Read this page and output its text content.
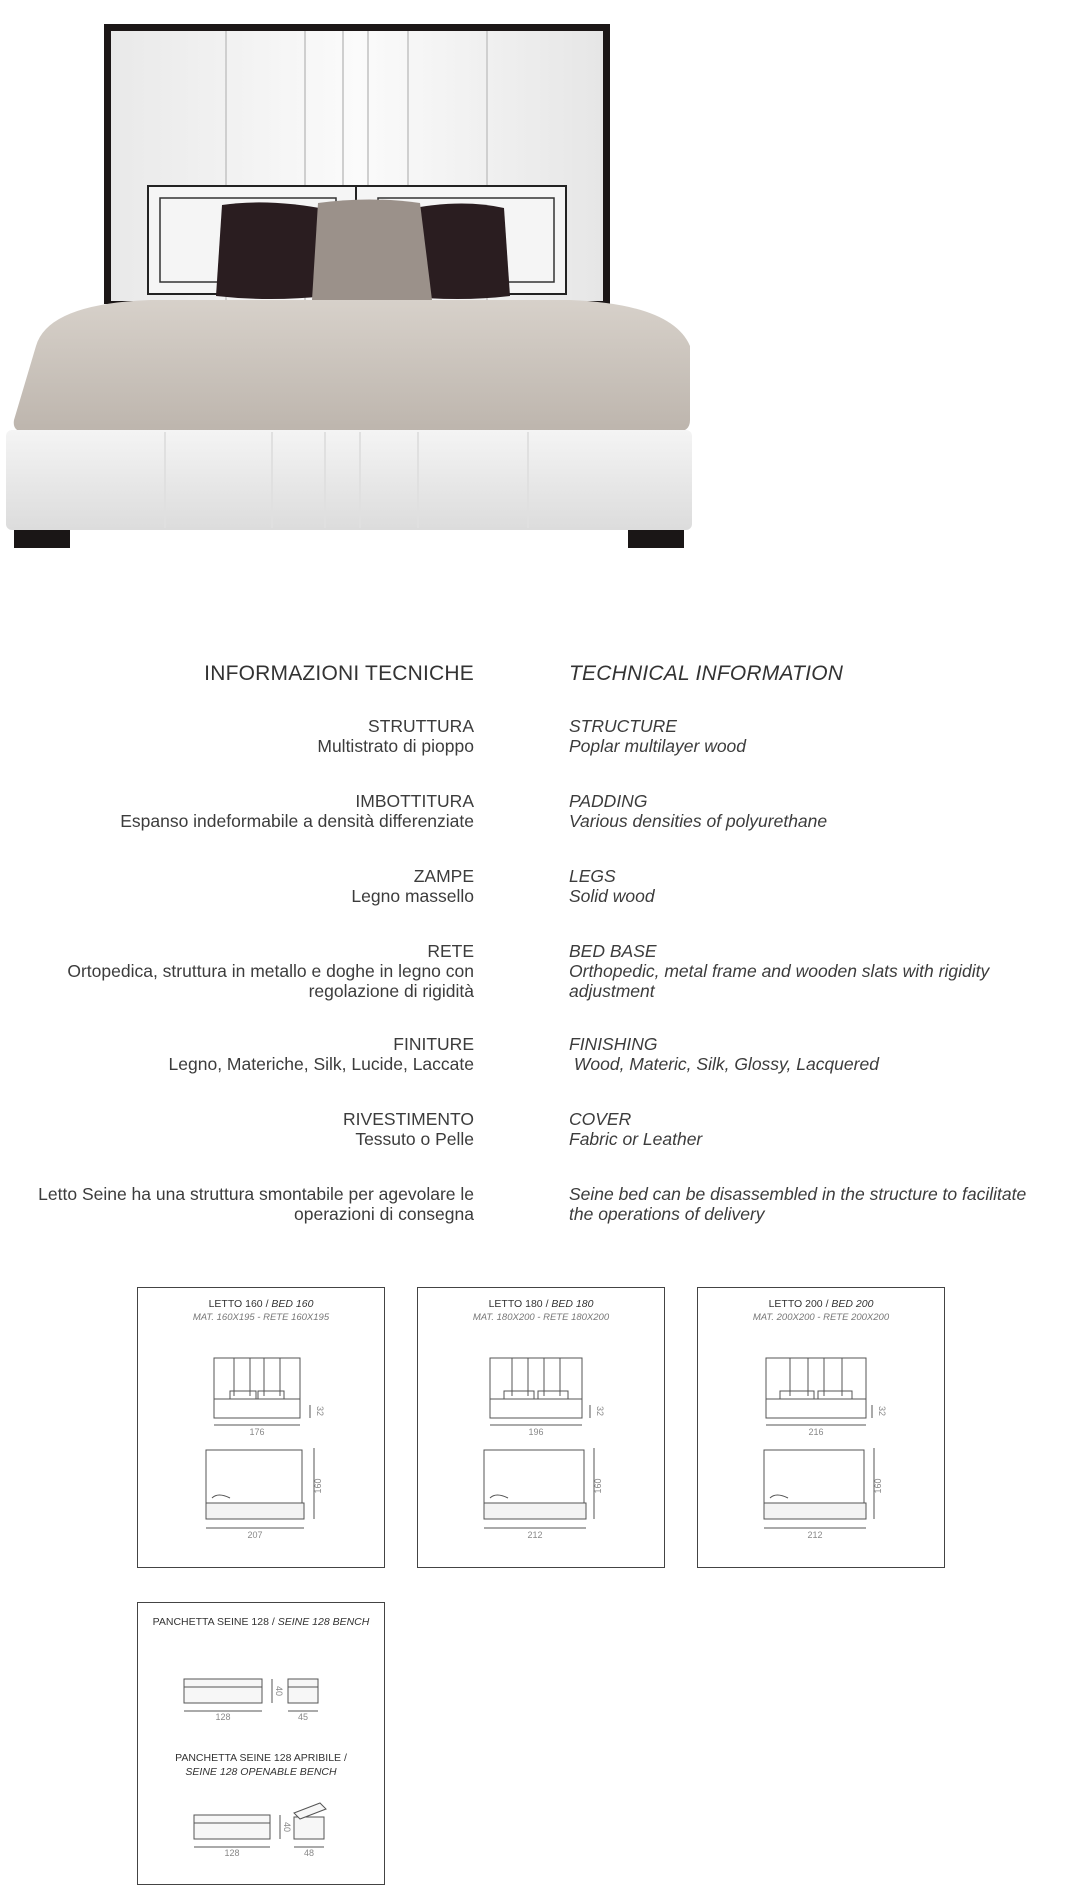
INFORMAZIONI TECNICHE	TECHNICAL INFORMATION
STRUTTURA
Multistrato di pioppo
STRUCTURE
Poplar multilayer wood
IMBOTTITURA
Espanso indeformabile a densità differenziate
PADDING
Various densities of polyurethane
ZAMPE
Legno massello
LEGS
Solid wood
RETE
Ortopedica, struttura in metallo e doghe in legno con
regolazione di rigidità
BED BASE
Orthopedic, metal frame and wooden slats with rigidity
adjustment
FINITURE
Legno, Materiche, Silk, Lucide, Laccate
FINISHING
Wood, Materic, Silk, Glossy, Lacquered
RIVESTIMENTO
Tessuto o Pelle
COVER
Fabric or Leather
Letto Seine ha una struttura smontabile per agevolare le
operazioni di consegna
Seine bed can be disassembled in the structure to facilitate
the operations of delivery
LETTO 160 / BED 160
MAT. 160X195 - RETE 160X195
176
32
160
207
LETTO 180 / BED 180
MAT. 180X200 - RETE 180X200
196
32
160
212
LETTO 200 / BED 200
MAT. 200X200 - RETE 200X200
216
32
160
212
PANCHETTA SEINE 128 / SEINE 128 BENCH
PANCHETTA SEINE 128 APRIBILE /
SEINE 128 OPENABLE BENCH
128
40
45
128
40
48
